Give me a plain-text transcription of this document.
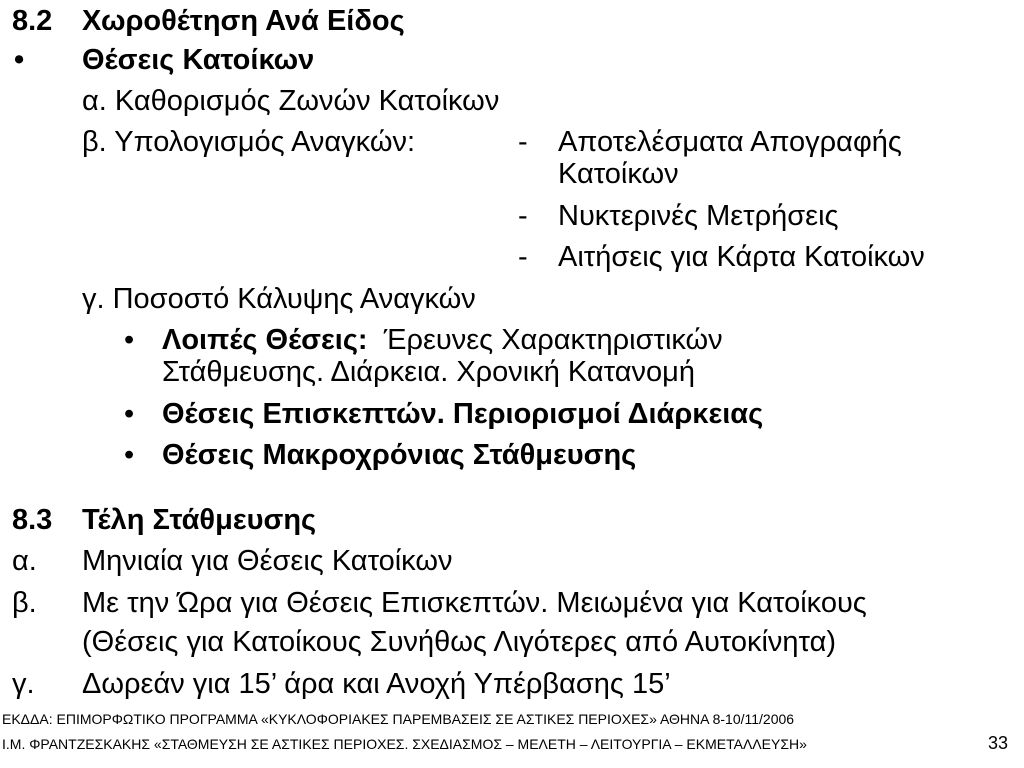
8.2 Χωροθέτηση Ανά Είδος
• Θέσεις Κατοίκων
α. Καθορισμός Ζωνών Κατοίκων
β. Υπολογισμός Αναγκών:	- Αποτελέσματα Απογραφής
Κατοίκων
- Νυκτερινές Μετρήσεις
- Αιτήσεις για Κάρτα Κατοίκων
γ. Ποσοστό Κάλυψης Αναγκών
• Λοιπές Θέσεις: Έρευνες Χαρακτηριστικών
Στάθμευσης. Διάρκεια. Χρονική Κατανομή
• Θέσεις Επισκεπτών. Περιορισμοί Διάρκειας
• Θέσεις Μακροχρόνιας Στάθμευσης
8.3 Τέλη Στάθμευσης
α. Μηνιαία για Θέσεις Κατοίκων
β. Με την Ώρα για Θέσεις Επισκεπτών. Μειωμένα για Κατοίκους
(Θέσεις για Κατοίκους Συνήθως Λιγότερες από Αυτοκίνητα)
γ. Δωρεάν για 15’ άρα και Ανοχή Υπέρβασης 15’
ΕΚΔΔΑ: ΕΠΙΜΟΡΦΩΤΙΚΟ ΠΡΟΓΡΑΜΜΑ «ΚΥΚΛΟΦΟΡΙΑΚΕΣ ΠΑΡΕΜΒΑΣΕΙΣ ΣΕ ΑΣΤΙΚΕΣ ΠΕΡΙΟΧΕΣ» ΑΘΗΝΑ 8-10/11/2006
Ι.Μ. ΦΡΑΝΤΖΕΣΚΑΚΗΣ «ΣΤΑΘΜΕΥΣΗ ΣΕ ΑΣΤΙΚΕΣ ΠΕΡΙΟΧΕΣ. ΣΧΕΔΙΑΣΜΟΣ – ΜΕΛΕΤΗ – ΛΕΙΤΟΥΡΓΙΑ – ΕΚΜΕΤΑΛΛΕΥΣΗ»	33
